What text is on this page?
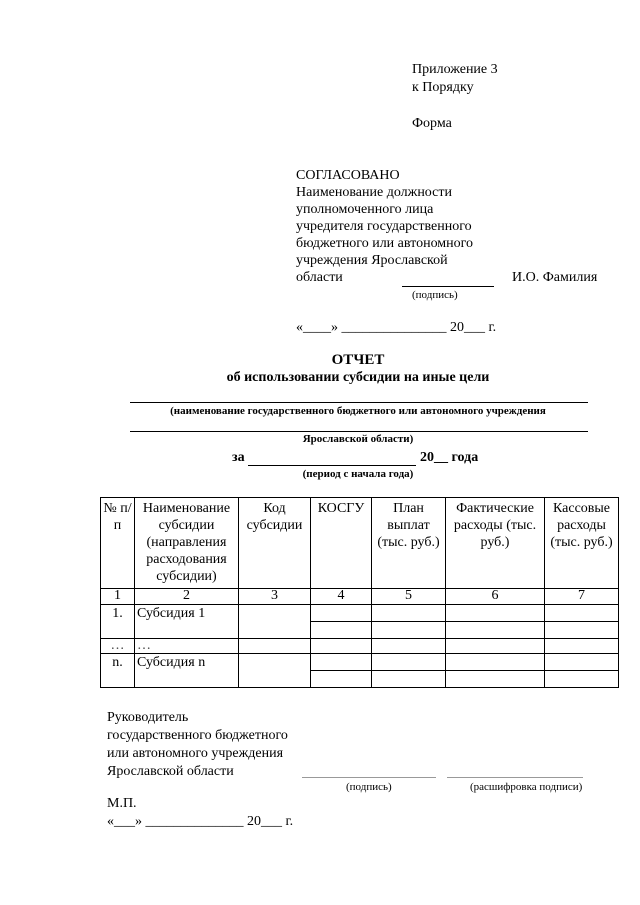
Приложение 3
к Порядку
Форма
СОГЛАСОВАНО
Наименование должности
уполномоченного лица
учредителя государственного
бюджетного или автономного
учреждения Ярославской
области	И.О. Фамилия
(подпись)
«____» _______________ 20___ г.
ОТЧЕТ
об использовании субсидии на иные цели
(наименование государственного бюджетного или автономного учреждения
Ярославской области)
за	20__ года
(период с начала года)
№ п/п	Наименование субсидии (направления расходования субсидии)	Код субсидии	КОСГУ	План выплат (тыс. руб.)	Фактические расходы (тыс. руб.)	Кассовые расходы (тыс. руб.)
1	2	3	4	5	6	7
1.	Субсидия 1					

…	…					
n.	Субсидия n					

Руководитель
государственного бюджетного
или автономного учреждения
Ярославской области
(подпись)	(расшифровка подписи)
М.П.
«___» ______________ 20___ г.
